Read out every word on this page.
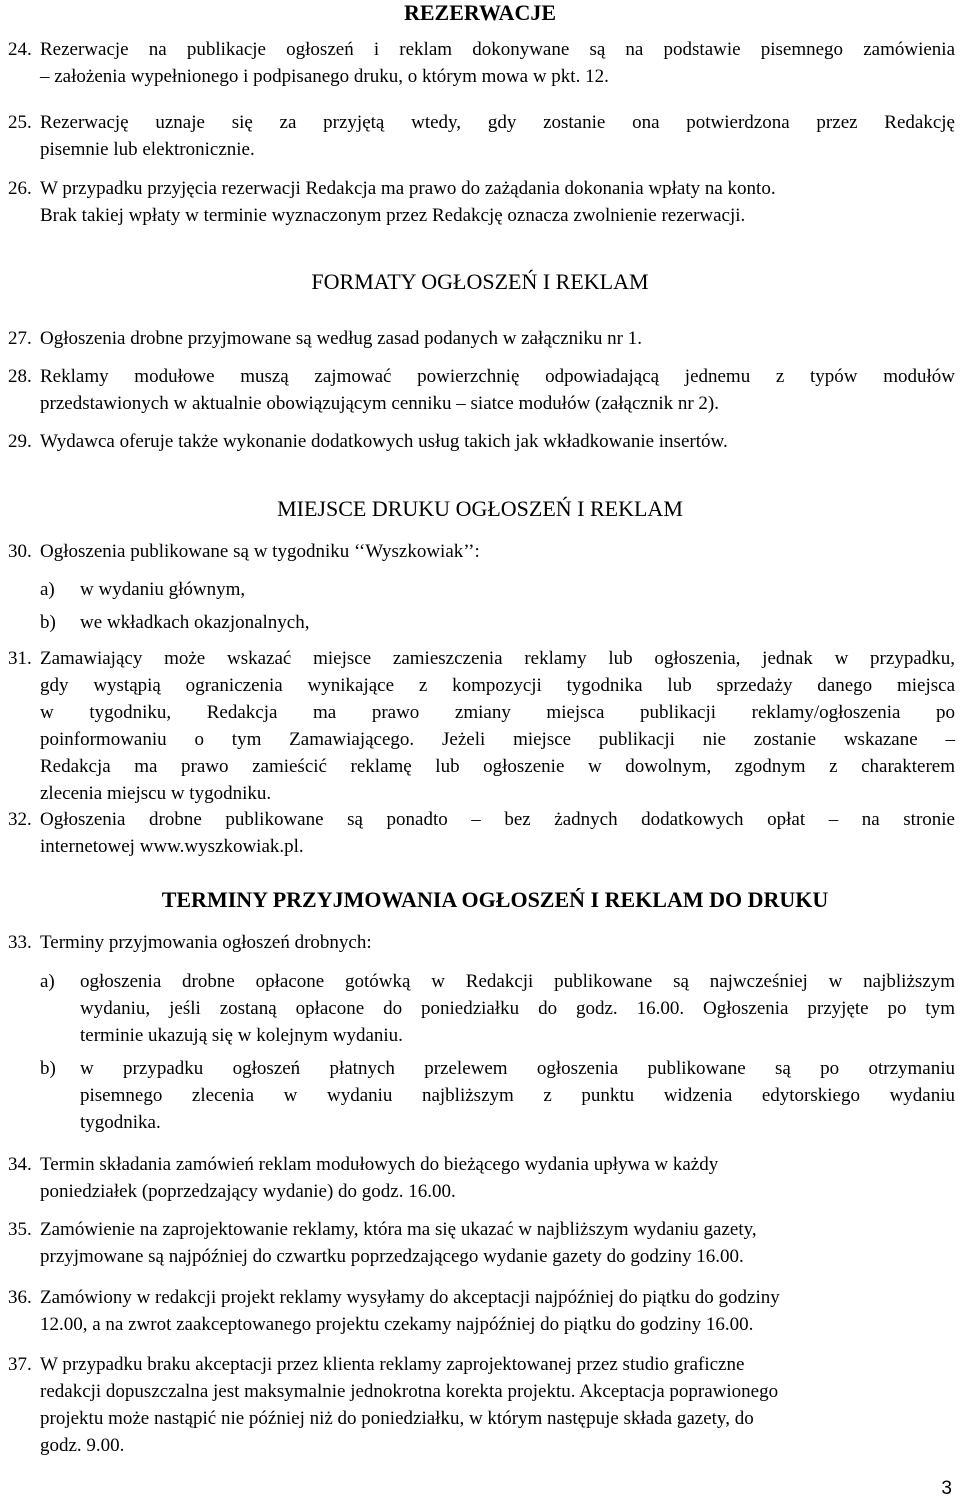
REZERWACJE
24. Rezerwacje na publikacje ogłoszeń i reklam dokonywane są na podstawie pisemnego zamówienia
– założenia wypełnionego i podpisanego druku, o którym mowa w pkt. 12.
25. Rezerwację uznaje się za przyjętą wtedy, gdy zostanie ona potwierdzona przez Redakcję
pisemnie lub elektronicznie.
26. W przypadku przyjęcia rezerwacji Redakcja ma prawo do zażądania dokonania wpłaty na konto.
Brak takiej wpłaty w terminie wyznaczonym przez Redakcję oznacza zwolnienie rezerwacji.
FORMATY OGŁOSZEŃ I REKLAM
27. Ogłoszenia drobne przyjmowane są według zasad podanych w załączniku nr 1.
28. Reklamy modułowe muszą zajmować powierzchnię odpowiadającą jednemu z typów modułów
przedstawionych w aktualnie obowiązującym cenniku – siatce modułów (załącznik nr 2).
29. Wydawca oferuje także wykonanie dodatkowych usług takich jak wkładkowanie insertów.
MIEJSCE DRUKU OGŁOSZEŃ I REKLAM
30. Ogłoszenia publikowane są w tygodniku ‘‘Wyszkowiak’’:
a) w wydaniu głównym,
b) we wkładkach okazjonalnych,
31. Zamawiający może wskazać miejsce zamieszczenia reklamy lub ogłoszenia, jednak w przypadku,
gdy wystąpią ograniczenia wynikające z kompozycji tygodnika lub sprzedaży danego miejsca
w tygodniku, Redakcja ma prawo zmiany miejsca publikacji reklamy/ogłoszenia po
poinformowaniu o tym Zamawiającego. Jeżeli miejsce publikacji nie zostanie wskazane –
Redakcja ma prawo zamieścić reklamę lub ogłoszenie w dowolnym, zgodnym z charakterem
zlecenia miejscu w tygodniku.
32. Ogłoszenia drobne publikowane są ponadto – bez żadnych dodatkowych opłat – na stronie
internetowej www.wyszkowiak.pl.
TERMINY PRZYJMOWANIA OGŁOSZEŃ I REKLAM DO DRUKU
33. Terminy przyjmowania ogłoszeń drobnych:
a) ogłoszenia drobne opłacone gotówką w Redakcji publikowane są najwcześniej w najbliższym
wydaniu, jeśli zostaną opłacone do poniedziałku do godz. 16.00. Ogłoszenia przyjęte po tym
terminie ukazują się w kolejnym wydaniu.
b) w przypadku ogłoszeń płatnych przelewem ogłoszenia publikowane są po otrzymaniu
pisemnego zlecenia w wydaniu najbliższym z punktu widzenia edytorskiego wydaniu
tygodnika.
34. Termin składania zamówień reklam modułowych do bieżącego wydania upływa w każdy
poniedziałek (poprzedzający wydanie) do godz. 16.00.
35. Zamówienie na zaprojektowanie reklamy, która ma się ukazać w najbliższym wydaniu gazety,
przyjmowane są najpóźniej do czwartku poprzedzającego wydanie gazety do godziny 16.00.
36. Zamówiony w redakcji projekt reklamy wysyłamy do akceptacji najpóźniej do piątku do godziny
12.00, a na zwrot zaakceptowanego projektu czekamy najpóźniej do piątku do godziny 16.00.
37. W przypadku braku akceptacji przez klienta reklamy zaprojektowanej przez studio graficzne
redakcji dopuszczalna jest maksymalnie jednokrotna korekta projektu. Akceptacja poprawionego
projektu może nastąpić nie później niż do poniedziałku, w którym następuje składa gazety, do
godz. 9.00.
3
